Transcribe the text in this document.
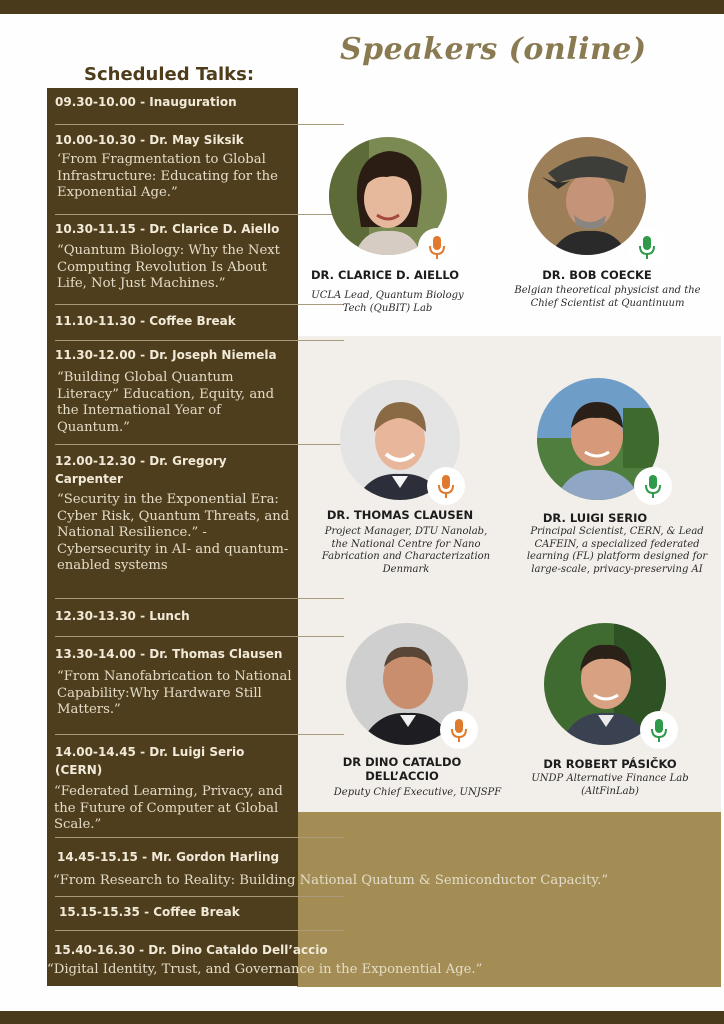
Speakers (online)
Scheduled Talks:
09.30-10.00 - Inauguration
10.00-10.30 - Dr. May Siksik
‘From Fragmentation to Global Infrastructure: Educating for the Exponential Age.”
10.30-11.15 - Dr. Clarice D. Aiello
“Quantum Biology: Why the Next Computing Revolution Is About Life, Not Just Machines.”
11.10-11.30 - Coffee Break
11.30-12.00 - Dr. Joseph Niemela
“Building Global Quantum Literacy” Education, Equity, and the International Year of Quantum.”
12.00-12.30 - Dr. Gregory Carpenter
“Security in the Exponential Era: Cyber Risk, Quantum Threats, and National Resilience.” - Cybersecurity in AI- and quantum-enabled systems
12.30-13.30 - Lunch
13.30-14.00 - Dr. Thomas Clausen
“From Nanofabrication to National Capability:Why Hardware Still Matters.”
14.00-14.45 - Dr. Luigi Serio (CERN)
“Federated Learning, Privacy, and the Future of Computer at Global Scale.”
14.45-15.15 - Mr. Gordon Harling
“From Research to Reality: Building National Quatum & Semiconductor Capacity.”
15.15-15.35 - Coffee Break
15.40-16.30 - Dr. Dino Cataldo Dell’accio
“Digital Identity, Trust, and Governance in the Exponential Age.”
DR. CLARICE D. AIELLO
UCLA Lead, Quantum Biology Tech (QuBIT) Lab
DR. BOB COECKE
Belgian theoretical physicist and the Chief Scientist at Quantinuum
DR. THOMAS CLAUSEN
Project Manager, DTU Nanolab, the National Centre for Nano Fabrication and Characterization Denmark
DR. LUIGI SERIO
Principal Scientist, CERN, & Lead CAFEIN, a specialized federated learning (FL) platform designed for large-scale, privacy-preserving AI
DR DINO CATALDO DELL’ACCIO
Deputy Chief Executive, UNJSPF
DR ROBERT PÁSIČKO
UNDP Alternative Finance Lab (AltFinLab)
